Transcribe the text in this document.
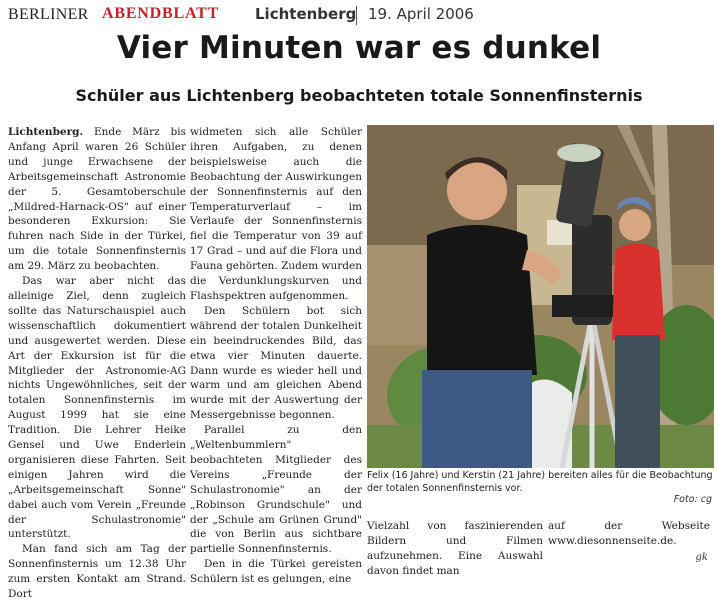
BERLINER ABENDBLATT Lichtenberg 19. April 2006
Vier Minuten war es dunkel
Schüler aus Lichtenberg beobachteten totale Sonnenfinsternis

Lichtenberg. Ende März bis Anfang April waren 26 Schüler und junge Erwachsene der Arbeitsgemeinschaft Astronomie der 5. Gesamtoberschule „Mildred-Harnack-OS" auf einer besonderen Exkursion: Sie fuhren nach Side in der Türkei, um die totale Sonnenfinsternis am 29. März zu beobachten.

Das war aber nicht das alleinige Ziel, denn zugleich sollte das Naturschauspiel auch wissenschaftlich dokumentiert und ausgewertet werden. Diese Art der Exkursion ist für die Mitglieder der Astronomie-AG nichts Ungewöhnliches, seit der totalen Sonnenfinsternis im August 1999 hat sie eine Tradition. Die Lehrer Heike Gensel und Uwe Enderlein organisieren diese Fahrten. Seit einigen Jahren wird die „Arbeitsgemeinschaft Sonne" dabei auch vom Verein „Freunde der Schulastronomie" unterstützt.

Man fand sich am Tag der Sonnenfinsternis um 12.38 Uhr zum ersten Kontakt am Strand. Dort

widmeten sich alle Schüler ihren Aufgaben, zu denen beispielsweise auch die Beobachtung der Auswirkungen der Sonnenfinsternis auf den Temperaturverlauf – im Verlaufe der Sonnenfinsternis fiel die Temperatur von 39 auf 17 Grad – und auf die Flora und Fauna gehörten. Zudem wurden die Verdunklungskurven und Flashspektren aufgenommen.

Den Schülern bot sich während der totalen Dunkelheit ein beeindruckendes Bild, das etwa vier Minuten dauerte. Dann wurde es wieder hell und warm und am gleichen Abend wurde mit der Auswertung der Messergebnisse begonnen.

Parallel zu den „Weltenbummlern" beobachteten Mitglieder des Vereins „Freunde der Schulastronomie" an der „Robinson Grundschule" und der „Schule am Grünen Grund" die von Berlin aus sichtbare partielle Sonnenfinsternis.

Den in die Türkei gereisten Schülern ist es gelungen, eine

Felix (16 Jahre) und Kerstin (21 Jahre) bereiten alles für die Beobachtung der totalen Sonnenfinsternis vor.
Foto: cg

Vielzahl von faszinierenden Bildern und Filmen aufzunehmen. Eine Auswahl davon findet man

auf der Webseite www.diesonnenseite.de.

gk
